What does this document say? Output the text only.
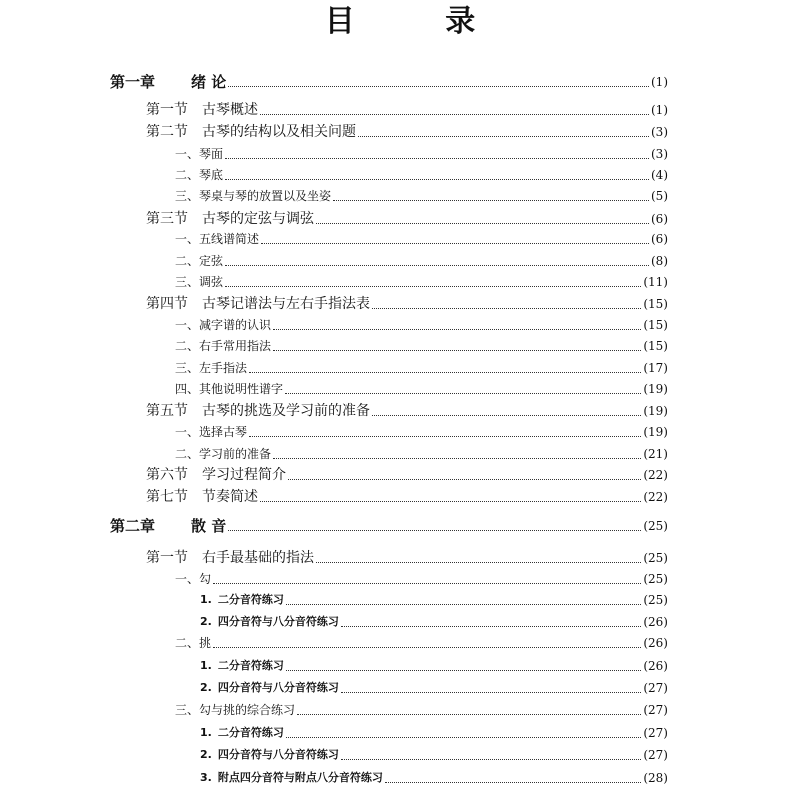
目 录
第一章 绪 论	(1)
第一节 古琴概述	(1)
第二节 古琴的结构以及相关问题	(3)
一、琴面	(3)
二、琴底	(4)
三、琴桌与琴的放置以及坐姿	(5)
第三节 古琴的定弦与调弦	(6)
一、五线谱简述	(6)
二、定弦	(8)
三、调弦	(11)
第四节 古琴记谱法与左右手指法表	(15)
一、减字谱的认识	(15)
二、右手常用指法	(15)
三、左手指法	(17)
四、其他说明性谱字	(19)
第五节 古琴的挑选及学习前的准备	(19)
一、选择古琴	(19)
二、学习前的准备	(21)
第六节 学习过程简介	(22)
第七节 节奏简述	(22)
第二章 散 音	(25)
第一节 右手最基础的指法	(25)
一、勾	(25)
1. 二分音符练习	(25)
2. 四分音符与八分音符练习	(26)
二、挑	(26)
1. 二分音符练习	(26)
2. 四分音符与八分音符练习	(27)
三、勾与挑的综合练习	(27)
1. 二分音符练习	(27)
2. 四分音符与八分音符练习	(27)
3. 附点四分音符与附点八分音符练习	(28)
